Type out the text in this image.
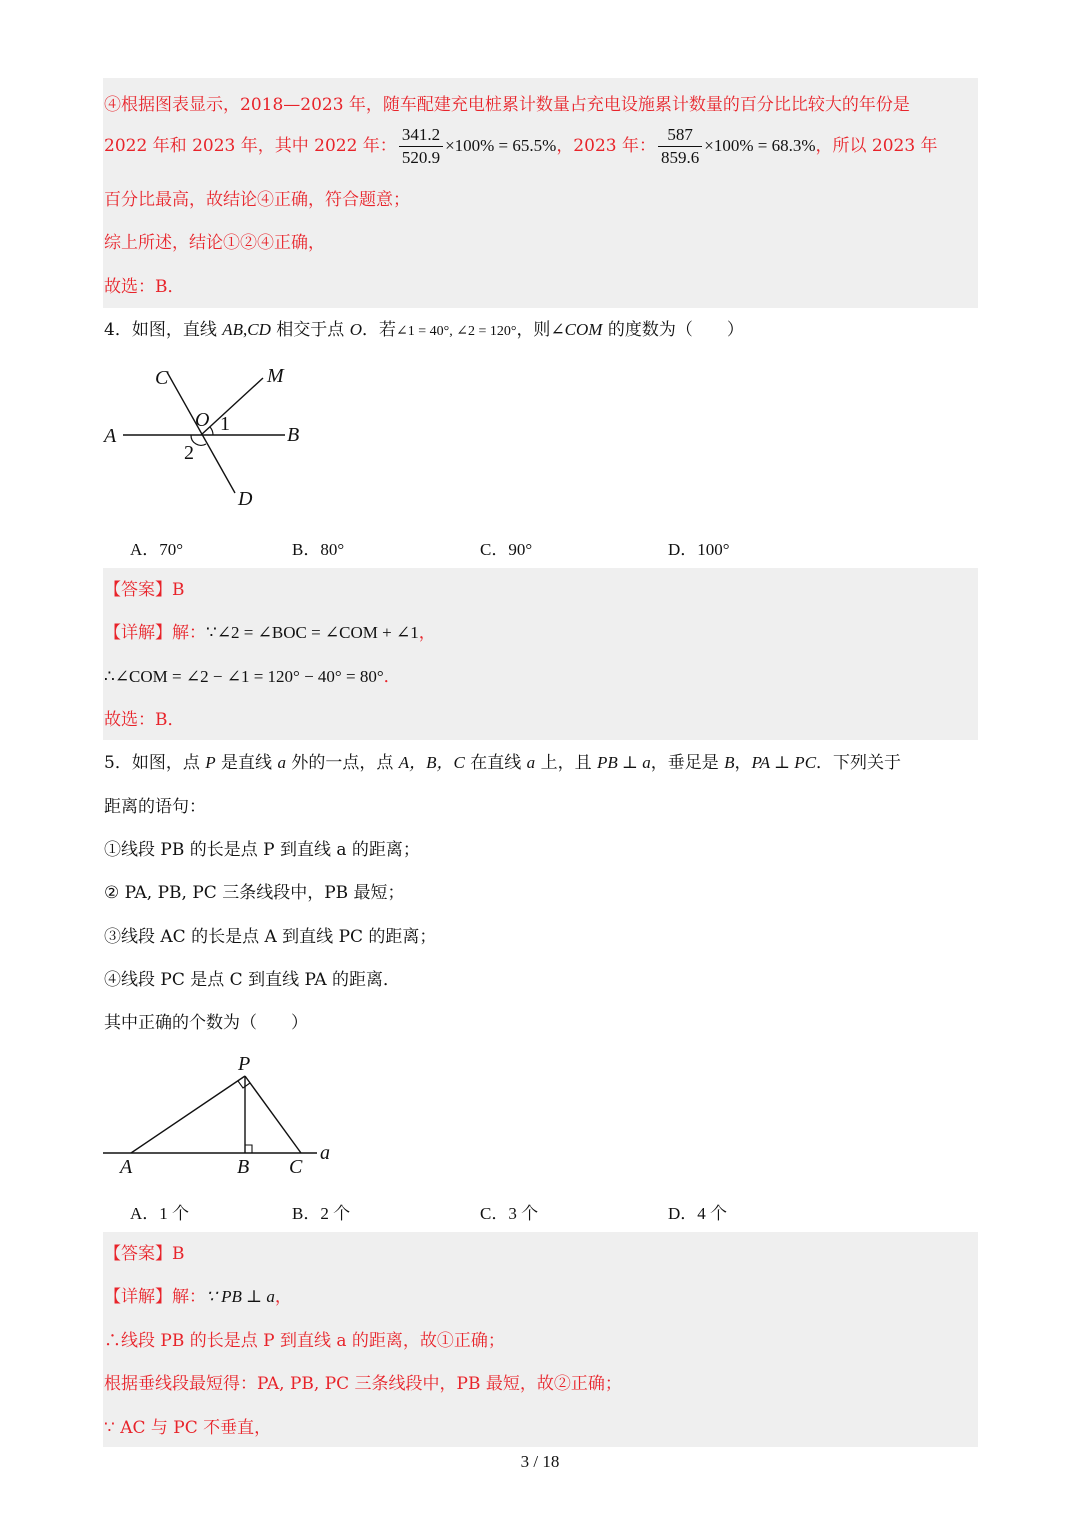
④根据图表显示，2018—2023 年，随车配建充电桩累计数量占充电设施累计数量的百分比比较大的年份是
2022 年和 2023 年，其中 2022 年： $\frac{341.2}{520.9} \times 100\% = 65.5\%$，2023 年： $\frac{587}{859.6} \times 100\% = 68.3\%$，所以 2023 年
百分比最高，故结论④正确，符合题意；
综上所述，结论①②④正确，
故选：B．
4．如图，直线 AB,CD 相交于点 O．若∠1 = 40°, ∠2 = 120°，则∠COM 的度数为（　　）
C	M
O 1
A	B
2
D
A．70°	B．80°	C．90°	D．100°
【答案】B
【详解】解：∵∠2 = ∠BOC = ∠COM + ∠1，
∴∠COM = ∠2 − ∠1 = 120° − 40° = 80°．
故选：B．
5．如图，点 P 是直线 a 外的一点，点 A，B，C 在直线 a 上，且 PB ⊥ a，垂足是 B，PA ⊥ PC．下列关于
距离的语句：
①线段 PB 的长是点 P 到直线 a 的距离；
② PA, PB, PC 三条线段中，PB 最短；
③线段 AC 的长是点 A 到直线 PC 的距离；
④线段 PC 是点 C 到直线 PA 的距离．
其中正确的个数为（　　）
P
A	B C
a
A．1 个	B．2 个	C．3 个	D．4 个
【答案】B
【详解】解：∵ PB ⊥ a，
∴线段 PB 的长是点 P 到直线 a 的距离，故①正确；
根据垂线段最短得：PA, PB, PC 三条线段中，PB 最短，故②正确；
∵ AC 与 PC 不垂直，
3 / 18
